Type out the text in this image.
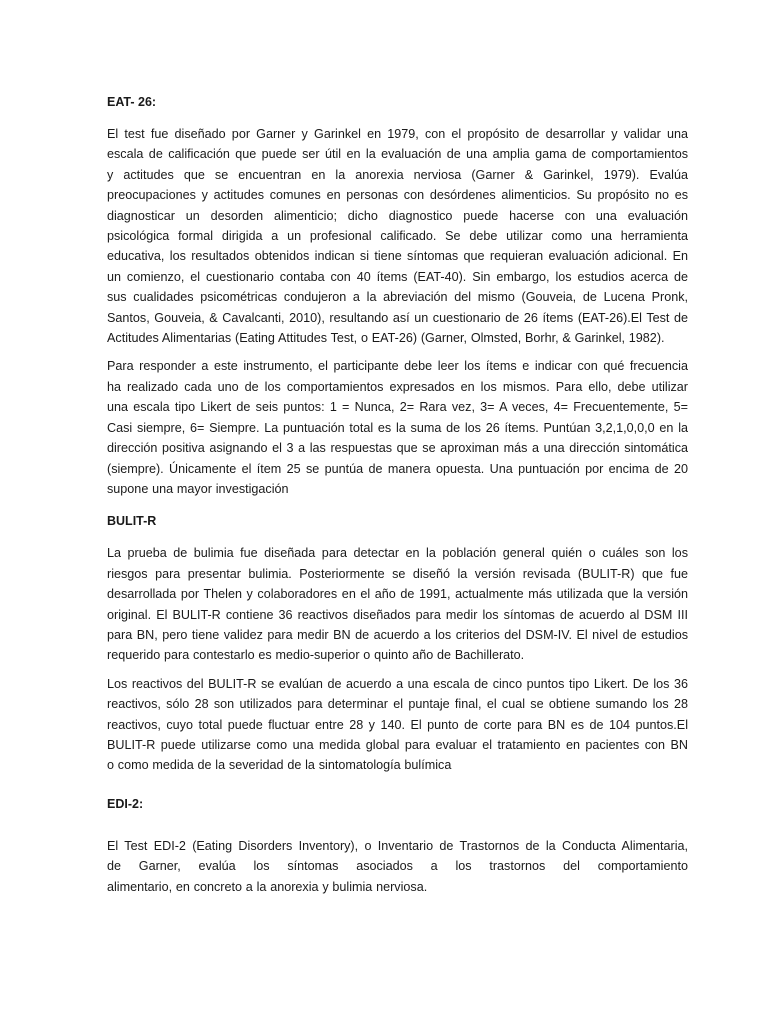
EAT- 26:
El test fue diseñado por Garner y Garinkel en 1979, con el propósito de desarrollar y validar una
escala de calificación que puede ser útil en la evaluación de una amplia gama de comportamientos
y actitudes que se encuentran en la anorexia nerviosa (Garner & Garinkel, 1979). Evalúa
preocupaciones y actitudes comunes en personas con desórdenes alimenticios. Su propósito no es
diagnosticar un desorden alimenticio; dicho diagnostico puede hacerse con una evaluación
psicológica formal dirigida a un profesional calificado. Se debe utilizar como una herramienta
educativa, los resultados obtenidos indican si tiene síntomas que requieran evaluación adicional. En
un comienzo, el cuestionario contaba con 40 ítems (EAT-40). Sin embargo, los estudios acerca de
sus cualidades psicométricas condujeron a la abreviación del mismo (Gouveia, de Lucena Pronk,
Santos, Gouveia, & Cavalcanti, 2010), resultando así un cuestionario de 26 ítems (EAT-26).El Test de
Actitudes Alimentarias (Eating Attitudes Test, o EAT-26) (Garner, Olmsted, Borhr, & Garinkel, 1982).
Para responder a este instrumento, el participante debe leer los ítems e indicar con qué frecuencia
ha realizado cada uno de los comportamientos expresados en los mismos. Para ello, debe utilizar
una escala tipo Likert de seis puntos: 1 = Nunca, 2= Rara vez, 3= A veces, 4= Frecuentemente, 5=
Casi siempre, 6= Siempre. La puntuación total es la suma de los 26 ítems. Puntúan 3,2,1,0,0,0 en la
dirección positiva asignando el 3 a las respuestas que se aproximan más a una dirección sintomática
(siempre). Únicamente el ítem 25 se puntúa de manera opuesta. Una puntuación por encima de 20
supone una mayor investigación
BULIT-R
La prueba de bulimia fue diseñada para detectar en la población general quién o cuáles son los
riesgos para presentar bulimia. Posteriormente se diseñó la versión revisada (BULIT-R) que fue
desarrollada por Thelen y colaboradores en el año de 1991, actualmente más utilizada que la versión
original. El BULIT-R contiene 36 reactivos diseñados para medir los síntomas de acuerdo al DSM III
para BN, pero tiene validez para medir BN de acuerdo a los criterios del DSM-IV. El nivel de estudios
requerido para contestarlo es medio-superior o quinto año de Bachillerato.
Los reactivos del BULIT-R se evalúan de acuerdo a una escala de cinco puntos tipo Likert. De los 36
reactivos, sólo 28 son utilizados para determinar el puntaje final, el cual se obtiene sumando los 28
reactivos, cuyo total puede fluctuar entre 28 y 140. El punto de corte para BN es de 104 puntos.El
BULIT-R puede utilizarse como una medida global para evaluar el tratamiento en pacientes con BN
o como medida de la severidad de la sintomatología bulímica
EDI-2:
El Test EDI-2 (Eating Disorders Inventory), o Inventario de Trastornos de la Conducta Alimentaria,
de Garner, evalúa los síntomas asociados a los trastornos del comportamiento
alimentario, en concreto a la anorexia y bulimia nerviosa.
